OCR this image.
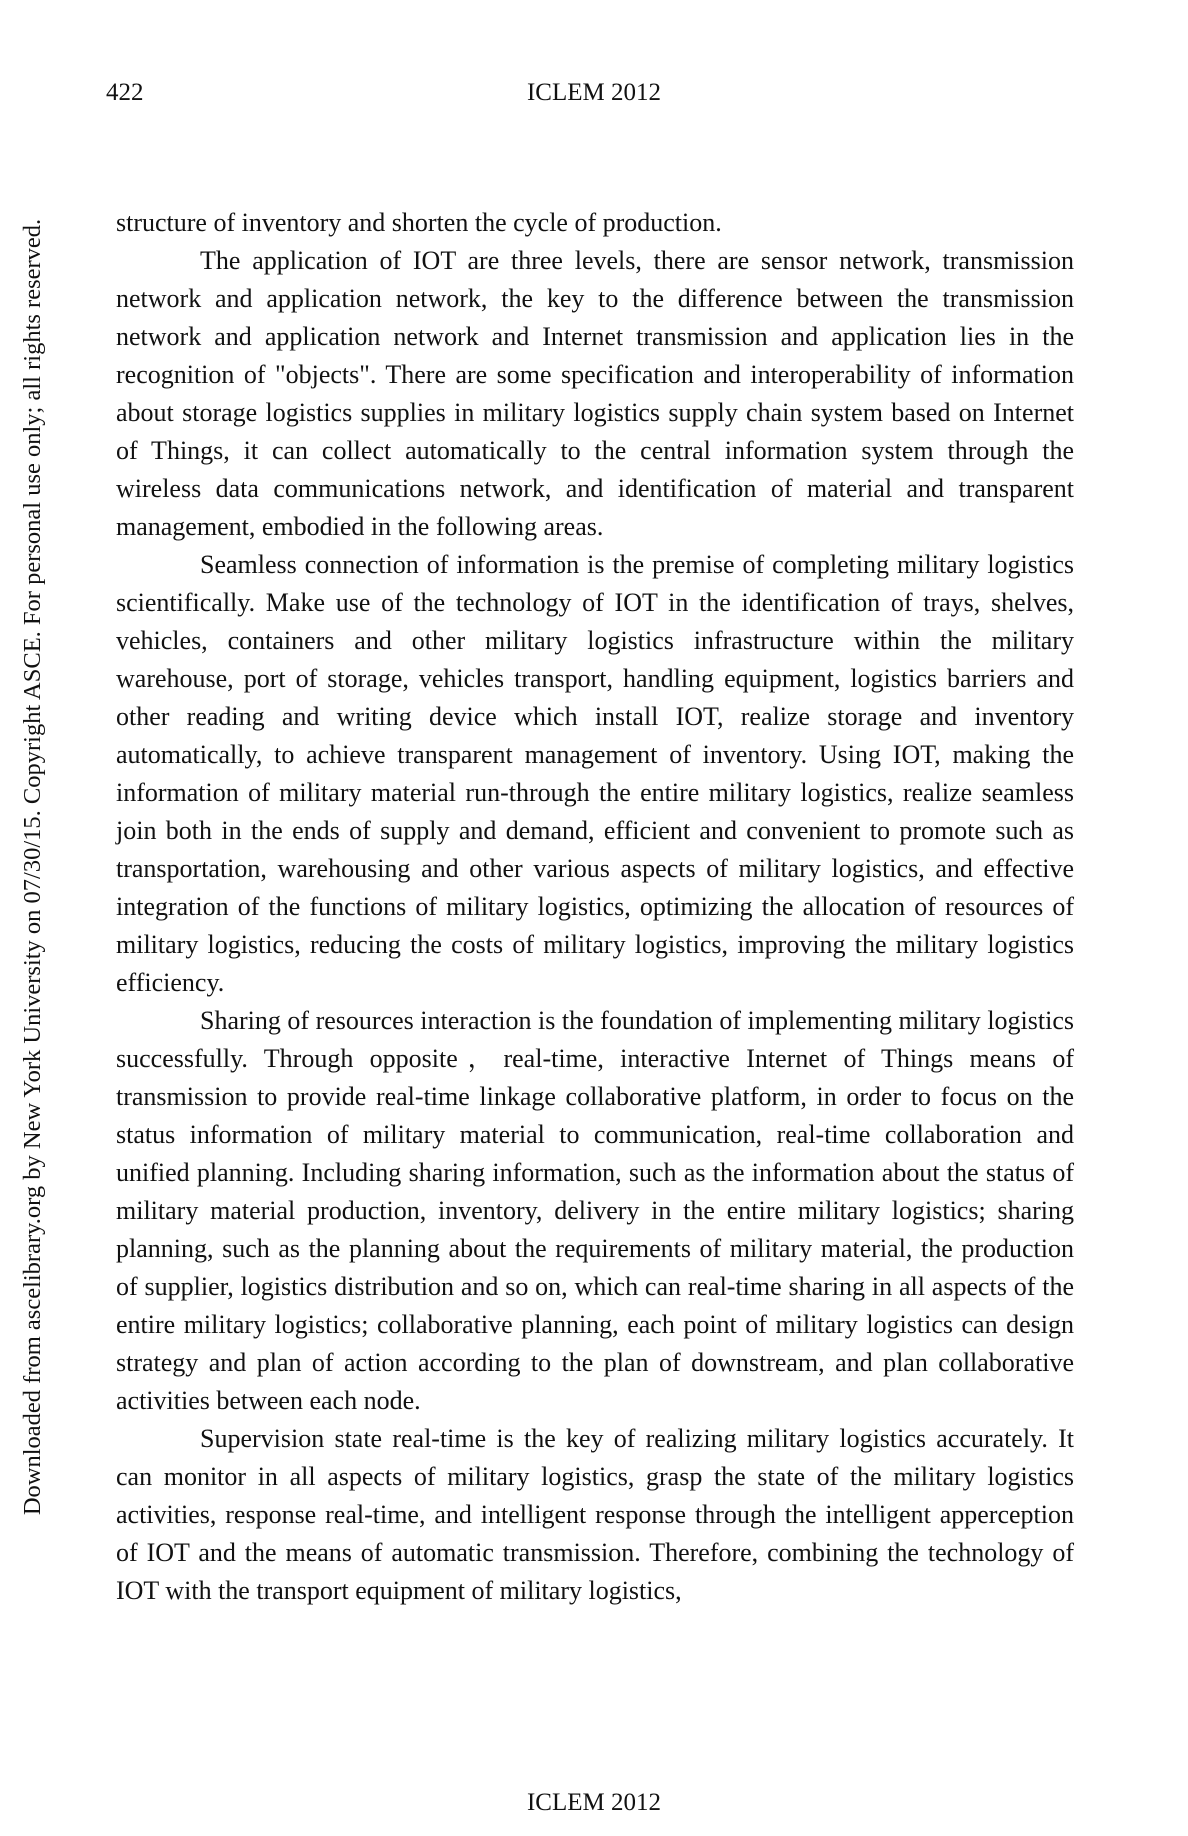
422	ICLEM 2012
Downloaded from ascelibrary.org by New York University on 07/30/15. Copyright ASCE. For personal use only; all rights reserved.	structure of inventory and shorten the cycle of production.

The application of IOT are three levels, there are sensor network, transmission network and application network, the key to the difference between the transmission network and application network and Internet transmission and application lies in the recognition of "objects". There are some specification and interoperability of information about storage logistics supplies in military logistics supply chain system based on Internet of Things, it can collect automatically to the central information system through the wireless data communications network, and identification of material and transparent management, embodied in the following areas.

Seamless connection of information is the premise of completing military logistics scientifically. Make use of the technology of IOT in the identification of trays, shelves, vehicles, containers and other military logistics infrastructure within the military warehouse, port of storage, vehicles transport, handling equipment, logistics barriers and other reading and writing device which install IOT, realize storage and inventory automatically, to achieve transparent management of inventory. Using IOT, making the information of military material run-through the entire military logistics, realize seamless join both in the ends of supply and demand, efficient and convenient to promote such as transportation, warehousing and other various aspects of military logistics, and effective integration of the functions of military logistics, optimizing the allocation of resources of military logistics, reducing the costs of military logistics, improving the military logistics efficiency.

Sharing of resources interaction is the foundation of implementing military logistics successfully. Through opposite，real-time, interactive Internet of Things means of transmission to provide real-time linkage collaborative platform, in order to focus on the status information of military material to communication, real-time collaboration and unified planning. Including sharing information, such as the information about the status of military material production, inventory, delivery in the entire military logistics; sharing planning, such as the planning about the requirements of military material, the production of supplier, logistics distribution and so on, which can real-time sharing in all aspects of the entire military logistics; collaborative planning, each point of military logistics can design strategy and plan of action according to the plan of downstream, and plan collaborative activities between each node.

Supervision state real-time is the key of realizing military logistics accurately. It can monitor in all aspects of military logistics, grasp the state of the military logistics activities, response real-time, and intelligent response through the intelligent apperception of IOT and the means of automatic transmission. Therefore, combining the technology of IOT with the transport equipment of military logistics,

ICLEM 2012
